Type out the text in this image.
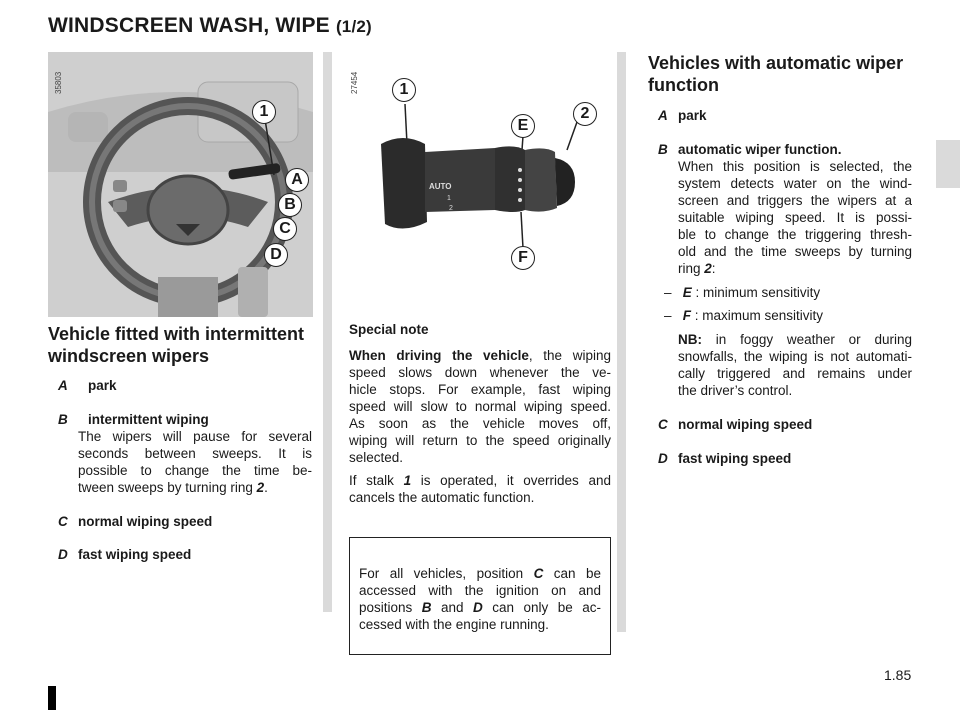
WINDSCREEN WASH, WIPE (1/2)
1
A
B
C
D
35803
AUTO
1
2
1
E
2
F
27454
Vehicle fitted with intermittent
windscreen wipers
A park
B intermittent wiping
The wipers will pause for several
seconds between sweeps. It is
possible to change the time be-
tween sweeps by turning ring 2.
C normal wiping speed
D fast wiping speed
Special note
When driving the vehicle, the wiping
speed slows down whenever the ve-
hicle stops. For example, fast wiping
speed will slow to normal wiping speed.
As soon as the vehicle moves off,
wiping will return to the speed originally
selected.
If stalk 1 is operated, it overrides and
cancels the automatic function.
For all vehicles, position C can be
accessed with the ignition on and
positions B and D can only be ac-
cessed with the engine running.
Vehicles with automatic wiper
function
A park
B automatic wiper function.
When this position is selected, the
system detects water on the wind-
screen and triggers the wipers at a
suitable wiping speed. It is possi-
ble to change the triggering thresh-
old and the time sweeps by turning
ring 2:
– E : minimum sensitivity
– F : maximum sensitivity
NB: in foggy weather or during
snowfalls, the wiping is not automati-
cally triggered and remains under
the driver’s control.
C normal wiping speed
D fast wiping speed
1.85
